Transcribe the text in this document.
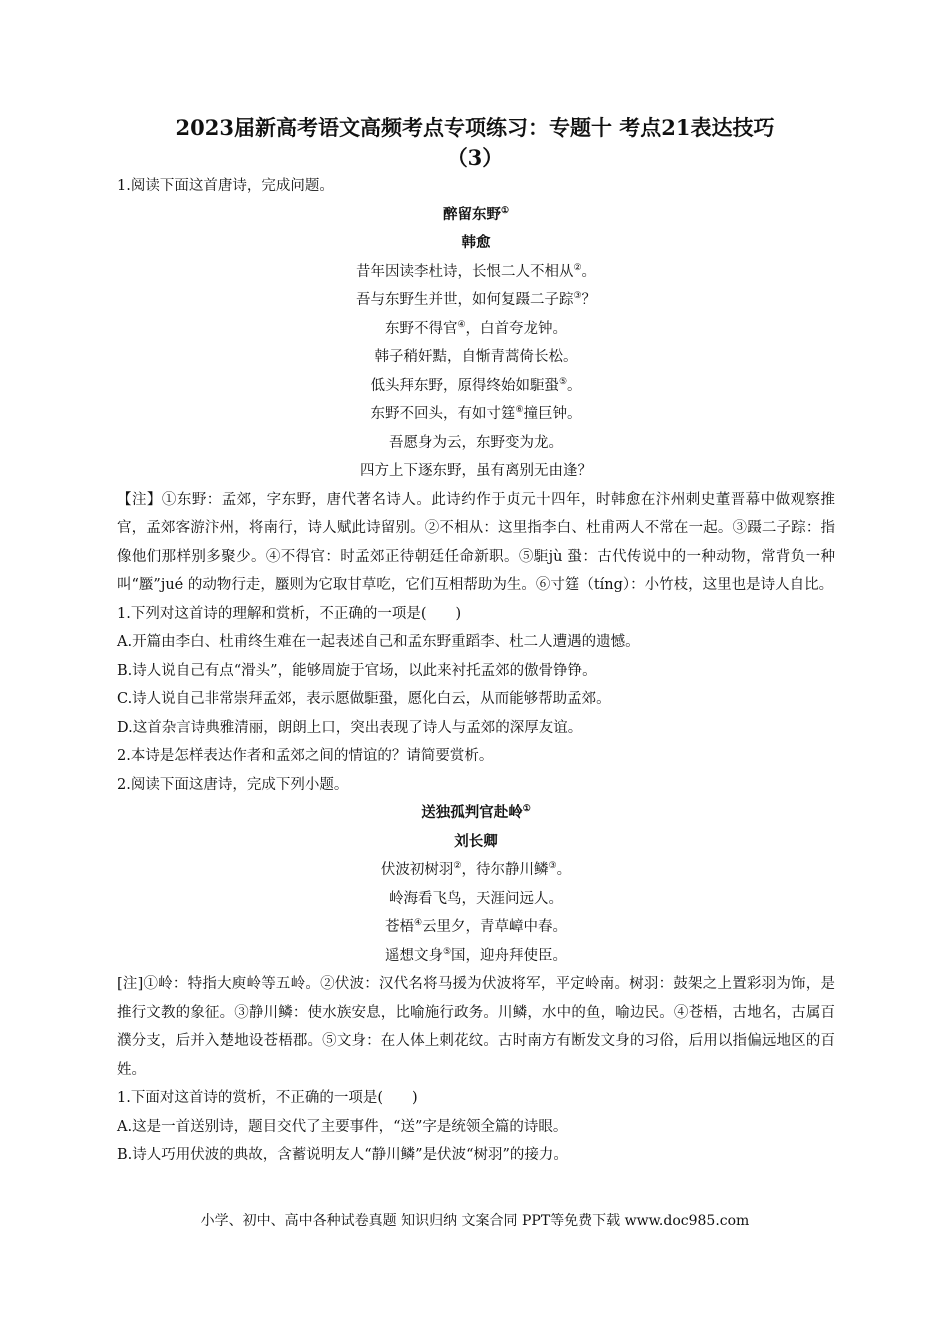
2023届新高考语文高频考点专项练习：专题十 考点21表达技巧
（3）
1.阅读下面这首唐诗，完成问题。
醉留东野①
韩愈
昔年因读李杜诗，长恨二人不相从②。
吾与东野生并世，如何复蹑二子踪③？
东野不得官④，白首夸龙钟。
韩子稍奸黠，自惭青蒿倚长松。
低头拜东野，原得终始如駏蛩⑤。
东野不回头，有如寸筳⑥撞巨钟。
吾愿身为云，东野变为龙。
四方上下逐东野，虽有离别无由逢？
【注】①东野：孟郊，字东野，唐代著名诗人。此诗约作于贞元十四年，时韩愈在汴州刺史董晋幕中做观察推官，孟郊客游汴州，将南行，诗人赋此诗留别。②不相从：这里指李白、杜甫两人不常在一起。③蹑二子踪：指像他们那样别多聚少。④不得官：时孟郊正待朝廷任命新职。⑤駏jù 蛩：古代传说中的一种动物，常背负一种叫“蟨”jué 的动物行走，蟨则为它取甘草吃，它们互相帮助为生。⑥寸筳（tíng）：小竹枝，这里也是诗人自比。
1.下列对这首诗的理解和赏析，不正确的一项是(　　)
A.开篇由李白、杜甫终生难在一起表述自己和孟东野重蹈李、杜二人遭遇的遗憾。
B.诗人说自己有点“滑头”，能够周旋于官场，以此来衬托孟郊的傲骨铮铮。
C.诗人说自己非常崇拜孟郊，表示愿做駏蛩，愿化白云，从而能够帮助孟郊。
D.这首杂言诗典雅清丽，朗朗上口，突出表现了诗人与孟郊的深厚友谊。
2.本诗是怎样表达作者和孟郊之间的情谊的？请简要赏析。
2.阅读下面这唐诗，完成下列小题。
送独孤判官赴岭①
刘长卿
伏波初树羽②，待尔静川鳞③。
岭海看飞鸟，天涯问远人。
苍梧④云里夕，青草嶂中春。
遥想文身⑤国，迎舟拜使臣。
[注]①岭：特指大庾岭等五岭。②伏波：汉代名将马援为伏波将军，平定岭南。树羽：鼓架之上置彩羽为饰，是推行文教的象征。③静川鳞：使水族安息，比喻施行政务。川鳞，水中的鱼，喻边民。④苍梧，古地名，古属百濮分支，后并入楚地设苍梧郡。⑤文身：在人体上刺花纹。古时南方有断发文身的习俗，后用以指偏远地区的百姓。
1.下面对这首诗的赏析，不正确的一项是(　　)
A.这是一首送别诗，题目交代了主要事件，“送”字是统领全篇的诗眼。
B.诗人巧用伏波的典故，含蓄说明友人“静川鳞”是伏波“树羽”的接力。
小学、初中、高中各种试卷真题 知识归纳 文案合同 PPT等免费下载 www.doc985.com
